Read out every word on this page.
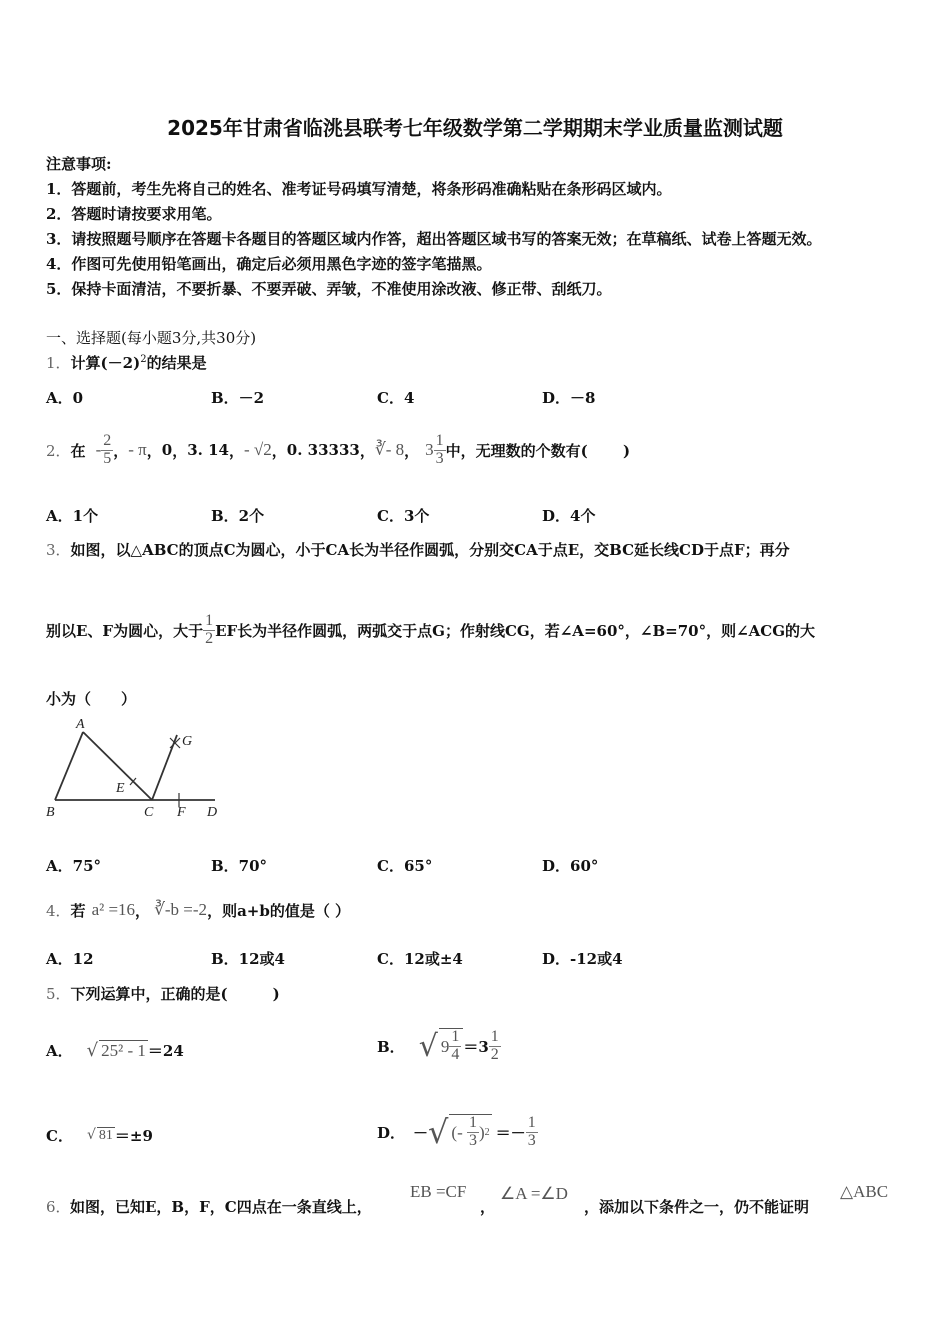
2025年甘肃省临洮县联考七年级数学第二学期期末学业质量监测试题
注意事项:
1．答题前，考生先将自己的姓名、准考证号码填写清楚，将条形码准确粘贴在条形码区域内。
2．答题时请按要求用笔。
3．请按照题号顺序在答题卡各题目的答题区域内作答，超出答题区域书写的答案无效；在草稿纸、试卷上答题无效。
4．作图可先使用铅笔画出，确定后必须用黑色字迹的签字笔描黑。
5．保持卡面清洁，不要折暴、不要弄破、弄皱，不准使用涂改液、修正带、刮纸刀。
一、选择题(每小题3分,共30分)
1．计算$(-2)^2$的结果是
A．0	B．－2	C．4	D．－8
2． 在 - $\frac{2}{5}$ ， - π ， 0 ， 3. 14 ， - √2 ， 0. 33333 ， ∛- 8 ， $3 \frac{1}{3}$ 中，无理数的个数有(　　 )
A．1个	B．2个	C．3个	D．4个
3．如图，以△ABC的顶点C为圆心，小于CA长为半径作圆弧，分别交CA于点E，交BC延长线CD于点F；再分
别以E、F为圆心，大于 $\frac{1}{2}$ EF长为半径作圆弧，两弧交于点G；作射线CG，若∠A=60°，∠B=70°，则∠ACG的大
小为（　　）
A
G
E
B	C F D
A．75°	B．70°	C．65°	D．60°
4． 若 a² =16 ， ∛-b =-2 ，则a+b的值是（ ）
A．12	B．12或4	C．12或±4	D．-12或4
5．下列运算中，正确的是(　　　)
A． √ 25² - 1 ＝24	B． √ $9 \frac{1}{4} =3 \frac{1}{2}$
C． √ 81 ＝±9	D． － √ (- $\frac{1}{3}$ ) $2 =- \frac{1}{3}$
6． 如图，已知E，B，F，C四点在一条直线上，
EB =CF
，
∠A =∠D
，添加以下条件之一，仍不能证明
△ABC
